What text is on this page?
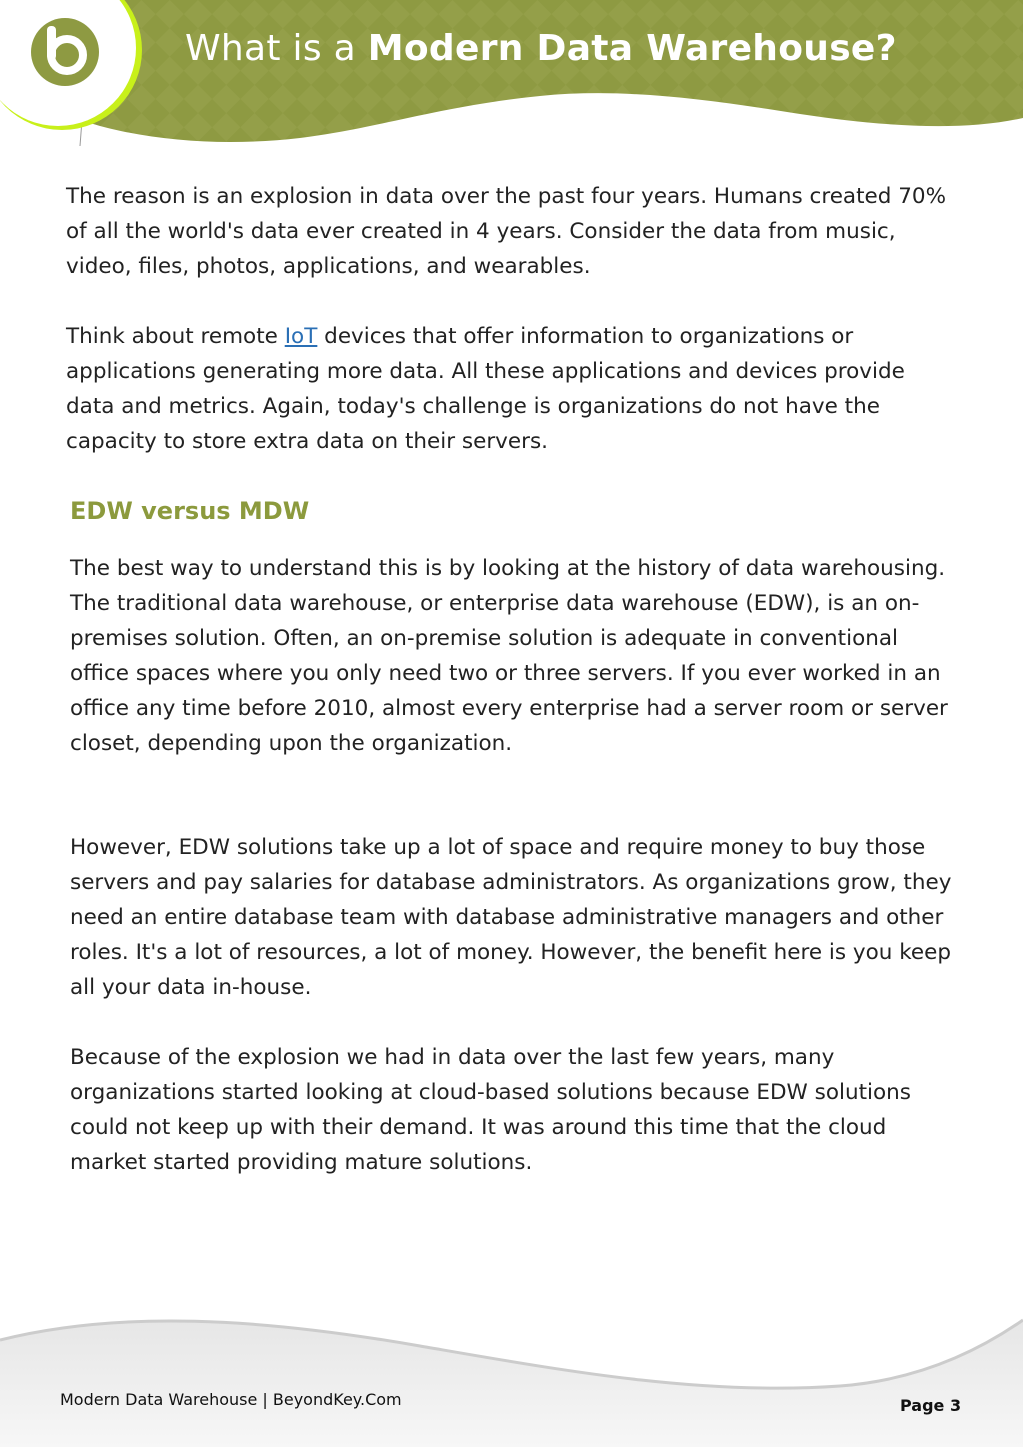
What is a Modern Data Warehouse?

The reason is an explosion in data over the past four years. Humans created 70% of all the world's data ever created in 4 years. Consider the data from music, video, files, photos, applications, and wearables.

Think about remote IoT devices that offer information to organizations or applications generating more data. All these applications and devices provide data and metrics. Again, today's challenge is organizations do not have the capacity to store extra data on their servers.

EDW versus MDW

The best way to understand this is by looking at the history of data warehousing. The traditional data warehouse, or enterprise data warehouse (EDW), is an on-premises solution. Often, an on-premise solution is adequate in conventional office spaces where you only need two or three servers. If you ever worked in an office any time before 2010, almost every enterprise had a server room or server closet, depending upon the organization.

However, EDW solutions take up a lot of space and require money to buy those servers and pay salaries for database administrators. As organizations grow, they need an entire database team with database administrative managers and other roles. It's a lot of resources, a lot of money. However, the benefit here is you keep all your data in-house.

Because of the explosion we had in data over the last few years, many organizations started looking at cloud-based solutions because EDW solutions could not keep up with their demand. It was around this time that the cloud market started providing mature solutions.

Modern Data Warehouse | BeyondKey.Com	Page 3
